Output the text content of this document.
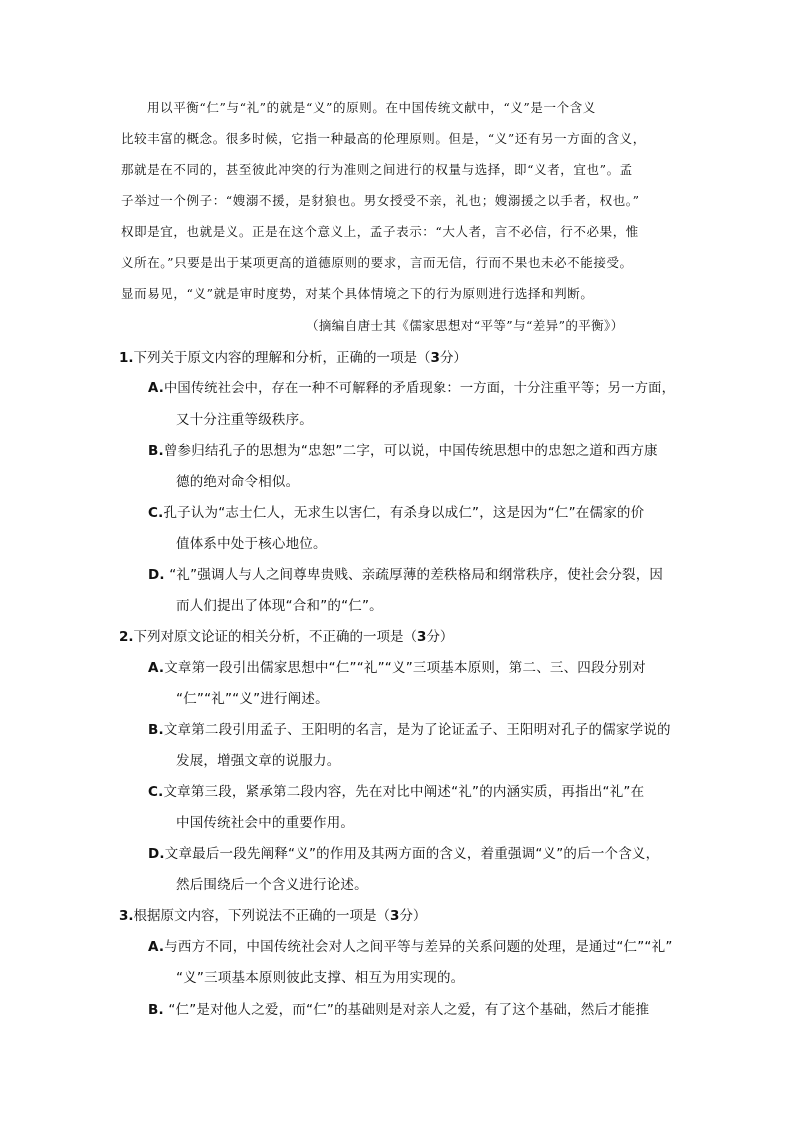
用以平衡“仁”与“礼”的就是“义”的原则。在中国传统文献中，“义”是一个含义
比较丰富的概念。很多时候，它指一种最高的伦理原则。但是，“义”还有另一方面的含义，
那就是在不同的，甚至彼此冲突的行为准则之间进行的权量与选择，即“义者，宜也”。孟
子举过一个例子：“嫂溺不援，是豺狼也。男女授受不亲，礼也；嫂溺援之以手者，权也。”
权即是宜，也就是义。正是在这个意义上，孟子表示：“大人者，言不必信，行不必果，惟
义所在。”只要是出于某项更高的道德原则的要求，言而无信，行而不果也未必不能接受。
显而易见，“义”就是审时度势，对某个具体情境之下的行为原则进行选择和判断。
（摘编自唐士其《儒家思想对“平等”与“差异”的平衡》）
1.下列关于原文内容的理解和分析，正确的一项是（3分）
A.中国传统社会中，存在一种不可解释的矛盾现象：一方面，十分注重平等；另一方面，
又十分注重等级秩序。
B.曾参归结孔子的思想为“忠恕”二字，可以说，中国传统思想中的忠恕之道和西方康
德的绝对命令相似。
C.孔子认为“志士仁人，无求生以害仁，有杀身以成仁”，这是因为“仁”在儒家的价
值体系中处于核心地位。
D. “礼”强调人与人之间尊卑贵贱、亲疏厚薄的差秩格局和纲常秩序，使社会分裂，因
而人们提出了体现“合和”的“仁”。
2.下列对原文论证的相关分析，不正确的一项是（3分）
A.文章第一段引出儒家思想中“仁”“礼”“义”三项基本原则，第二、三、四段分别对
“仁”“礼”“义”进行阐述。
B.文章第二段引用孟子、王阳明的名言，是为了论证孟子、王阳明对孔子的儒家学说的
发展，增强文章的说服力。
C.文章第三段，紧承第二段内容，先在对比中阐述“礼”的内涵实质，再指出“礼”在
中国传统社会中的重要作用。
D.文章最后一段先阐释“义”的作用及其两方面的含义，着重强调“义”的后一个含义，
然后围绕后一个含义进行论述。
3.根据原文内容，下列说法不正确的一项是（3分）
A.与西方不同，中国传统社会对人之间平等与差异的关系问题的处理，是通过“仁”“礼”
“义”三项基本原则彼此支撑、相互为用实现的。
B. “仁”是对他人之爱，而“仁”的基础则是对亲人之爱，有了这个基础，然后才能推
